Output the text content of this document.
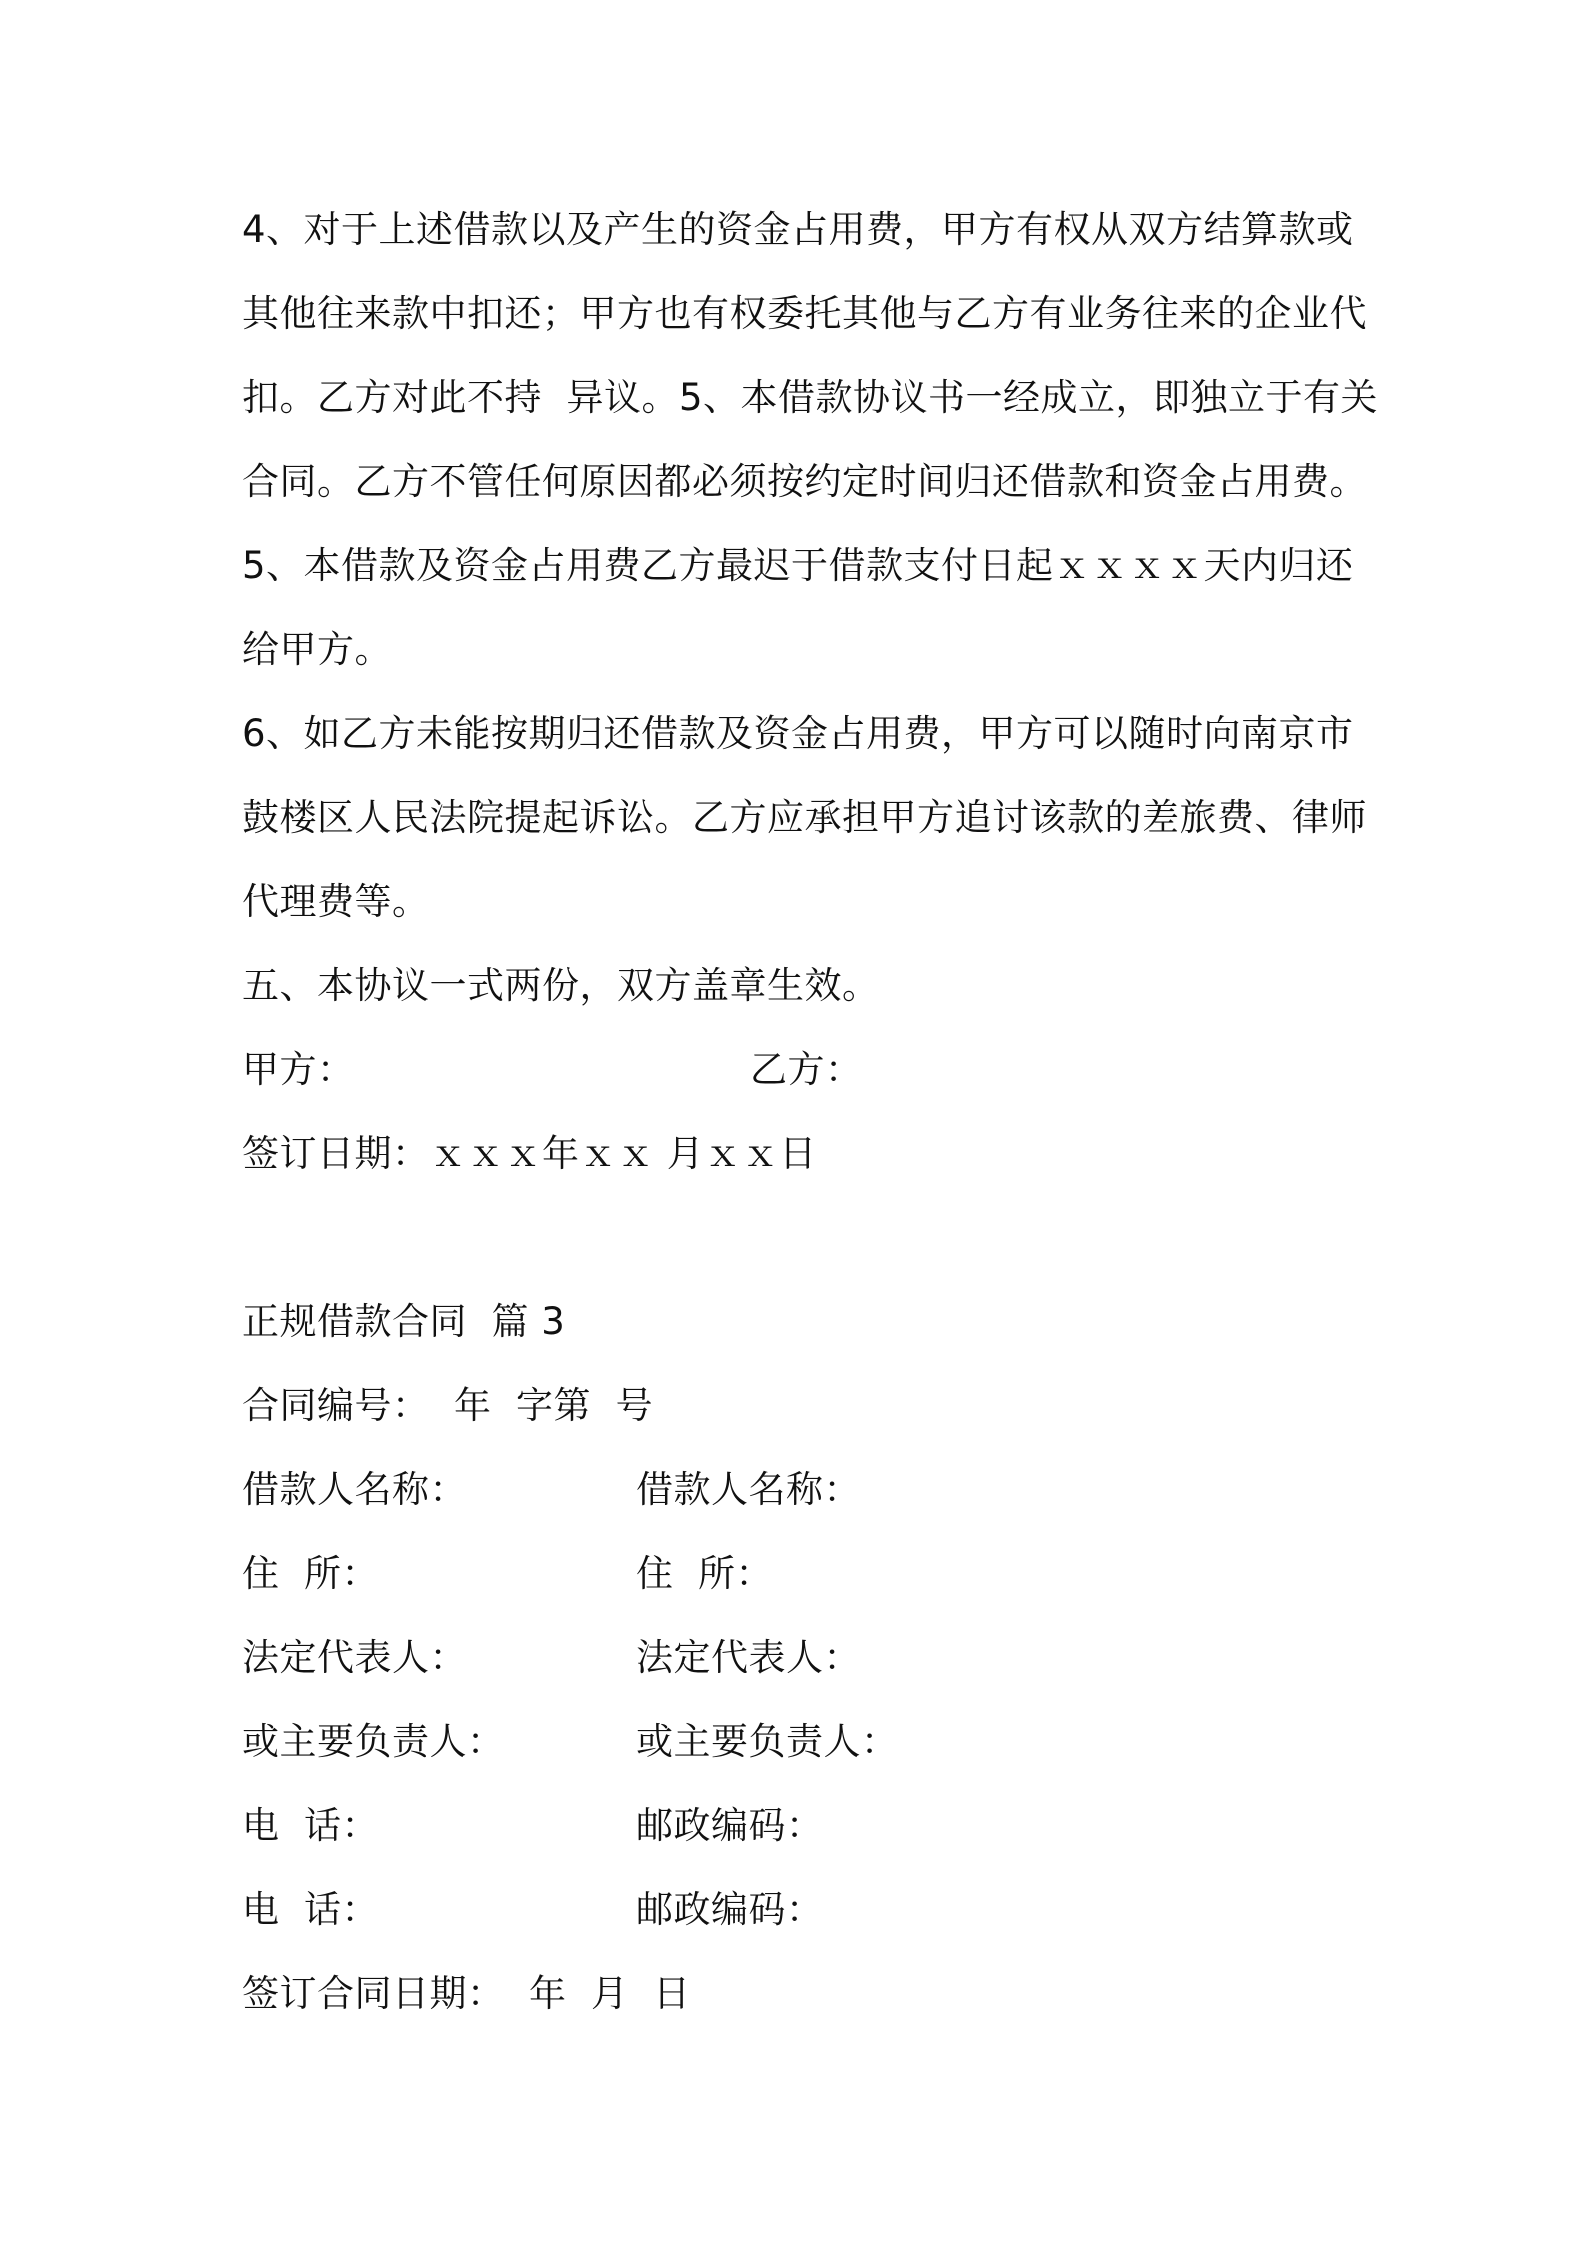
4、对于上述借款以及产生的资金占用费，甲方有权从双方结算款或
其他往来款中扣还；甲方也有权委托其他与乙方有业务往来的企业代
扣。乙方对此不持  异议。5、本借款协议书一经成立，即独立于有关
合同。乙方不管任何原因都必须按约定时间归还借款和资金占用费。
5、本借款及资金占用费乙方最迟于借款支付日起ｘｘｘｘ天内归还
给甲方。
6、如乙方未能按期归还借款及资金占用费，甲方可以随时向南京市
鼓楼区人民法院提起诉讼。乙方应承担甲方追讨该款的差旅费、律师
代理费等。
五、本协议一式两份，双方盖章生效。
甲方：	乙方：
签订日期：ｘｘｘ年ｘｘ 月ｘｘ日
正规借款合同  篇 3
合同编号：  年  字第  号
借款人名称：	借款人名称：
住  所：	住  所：
法定代表人：	法定代表人：
或主要负责人：	或主要负责人：
电  话：	邮政编码：
电  话：	邮政编码：
签订合同日期：  年  月  日
